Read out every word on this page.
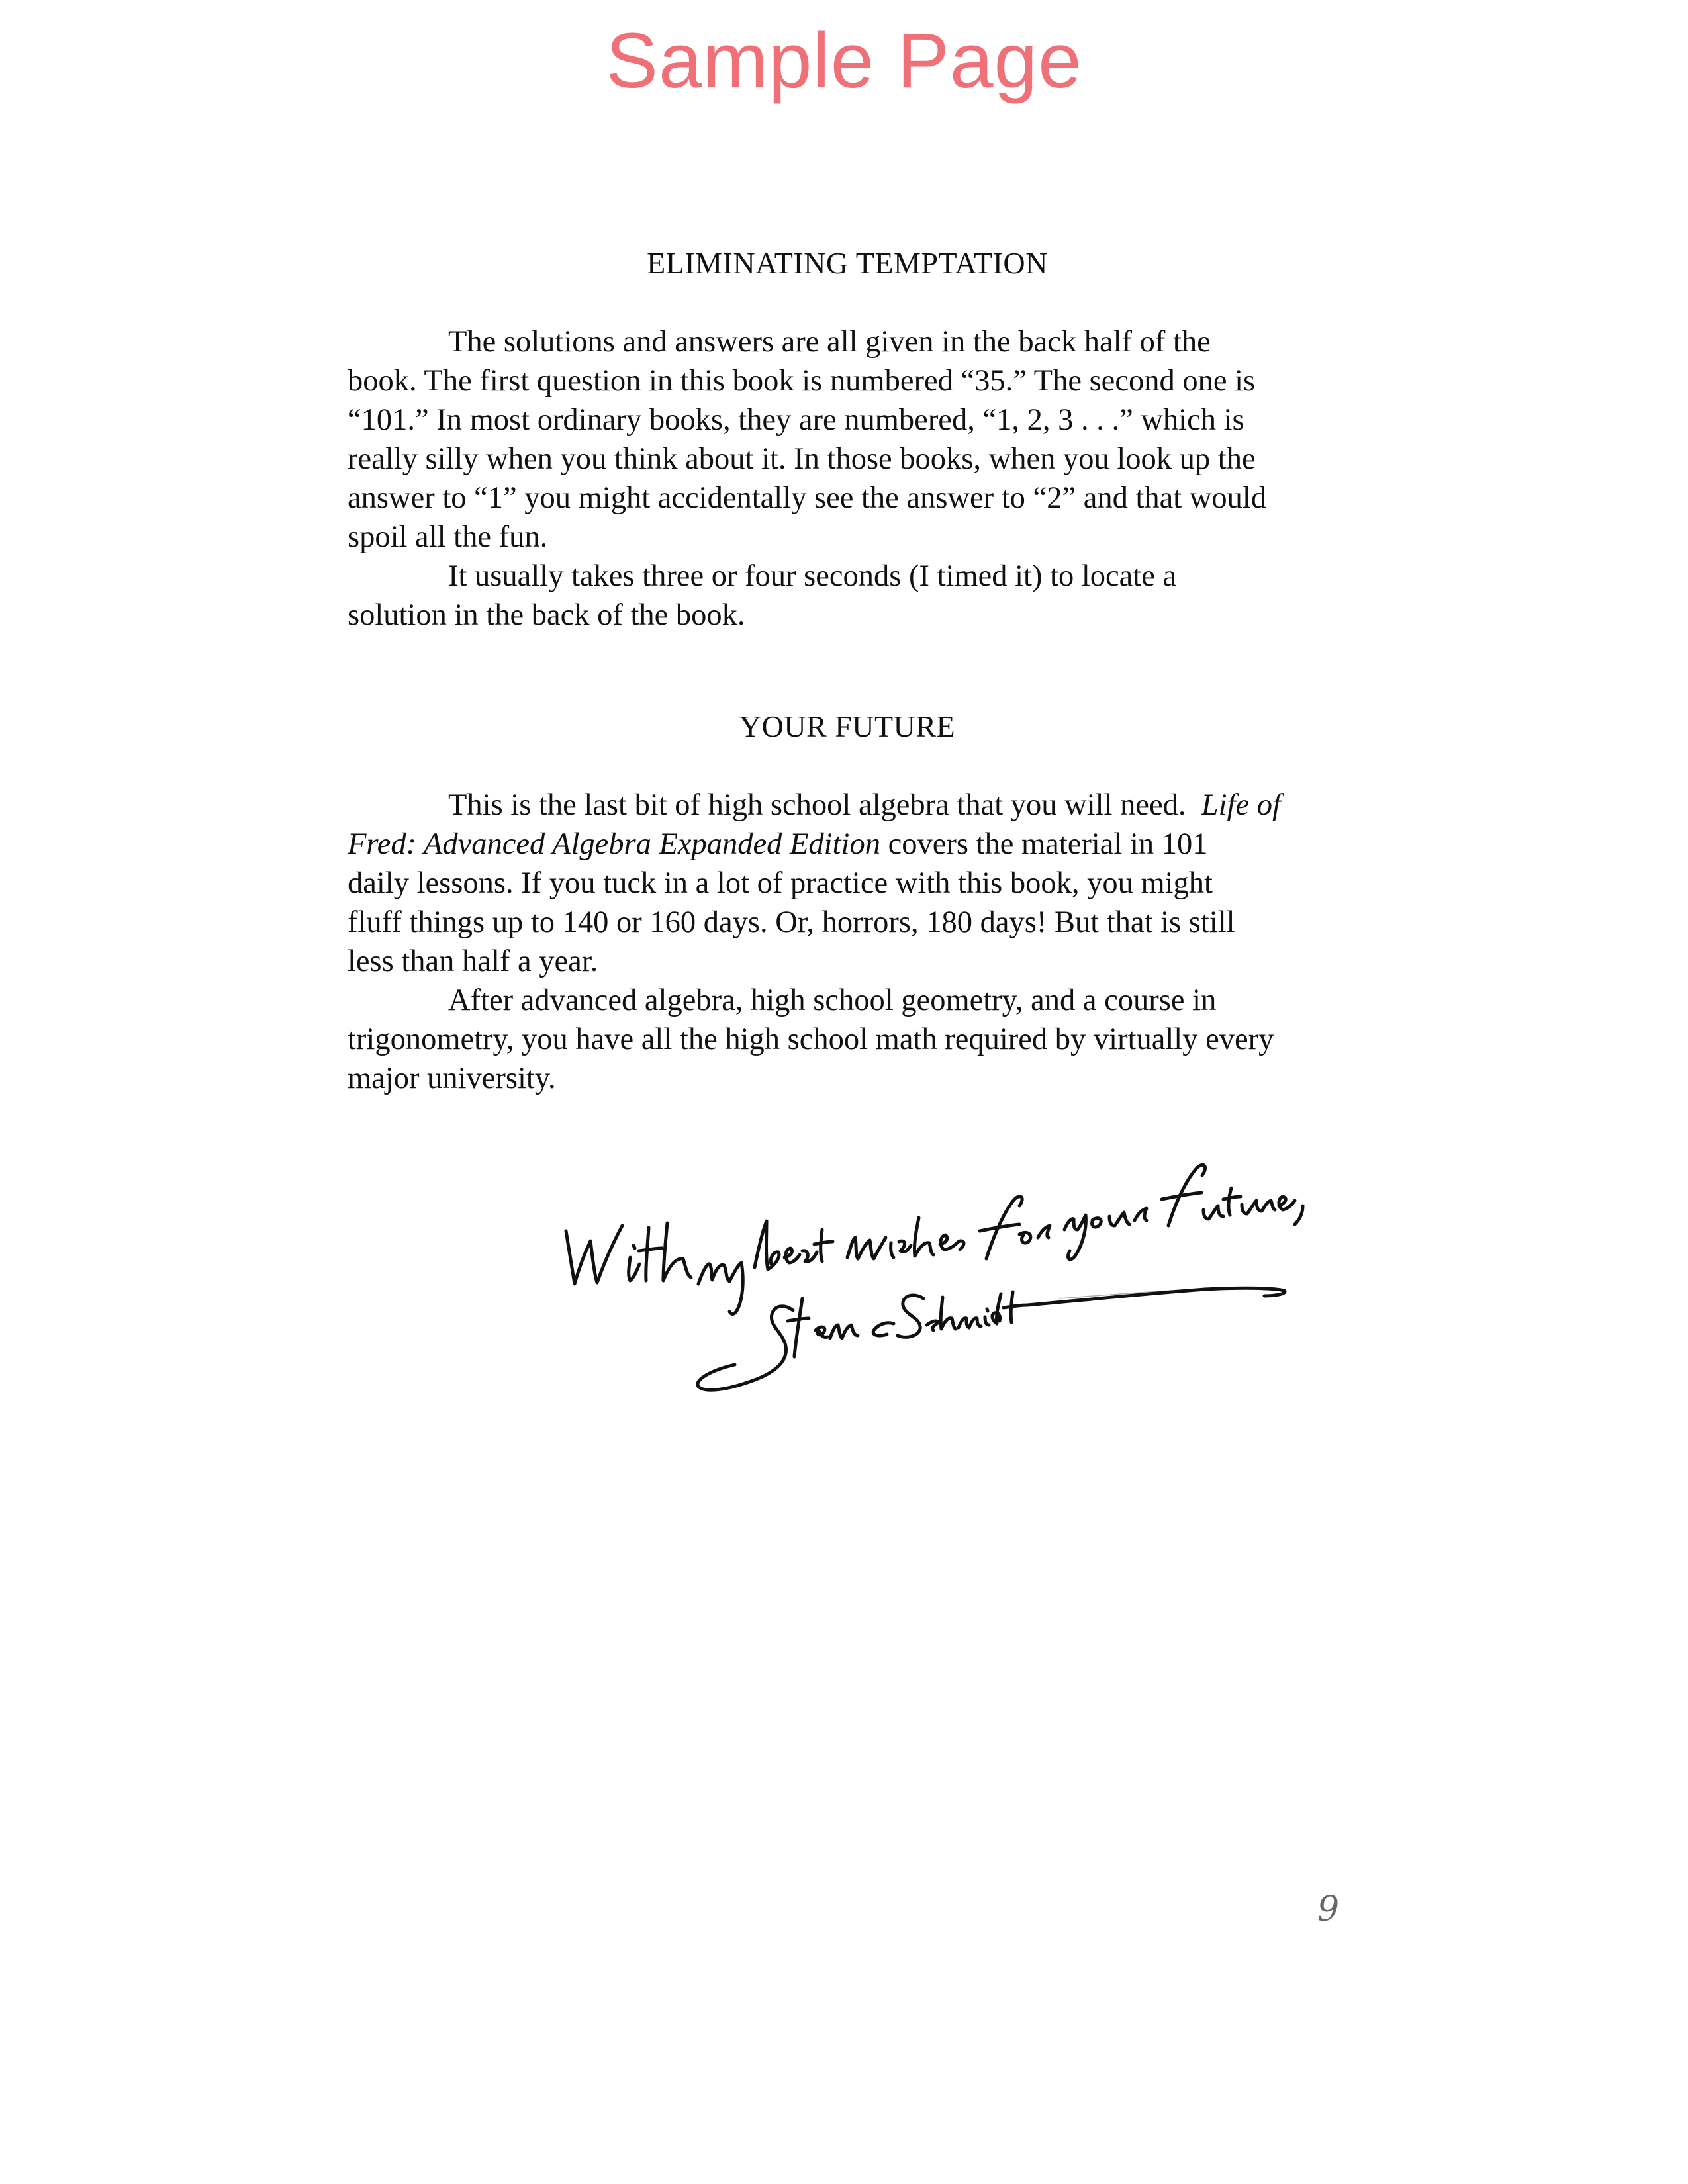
Sample Page
ELIMINATING TEMPTATION

The solutions and answers are all given in the back half of the
book. The first question in this book is numbered “35.” The second one is
“101.” In most ordinary books, they are numbered, “1, 2, 3 . . .” which is
really silly when you think about it. In those books, when you look up the
answer to “1” you might accidentally see the answer to “2” and that would
spoil all the fun.

It usually takes three or four seconds (I timed it) to locate a
solution in the back of the book.

YOUR FUTURE

This is the last bit of high school algebra that you will need.  Life of
Fred: Advanced Algebra Expanded Edition covers the material in 101
daily lessons. If you tuck in a lot of practice with this book, you might
fluff things up to 140 or 160 days. Or, horrors, 180 days! But that is still
less than half a year.

After advanced algebra, high school geometry, and a course in
trigonometry, you have all the high school math required by virtually every
major university.

9
